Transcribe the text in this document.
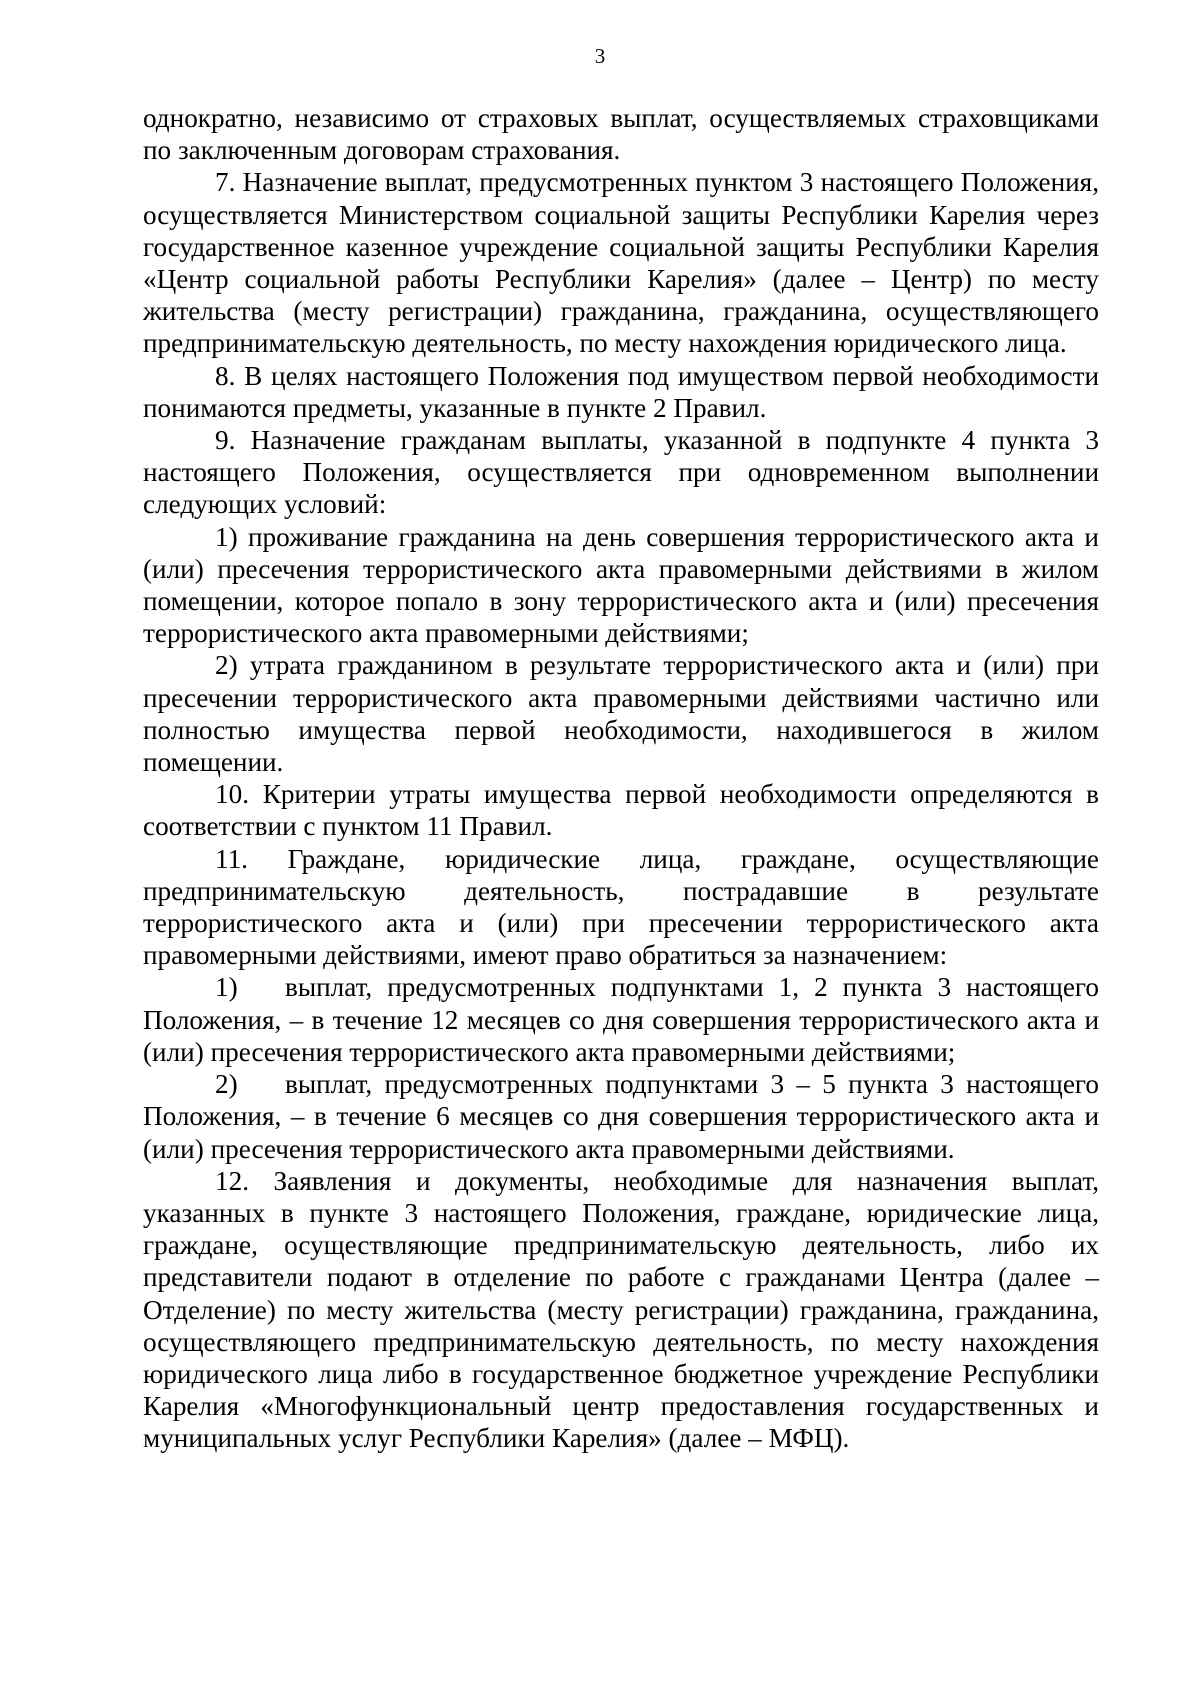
3

однократно, независимо от страховых выплат, осуществляемых страховщиками по заключенным договорам страхования.

7. Назначение выплат, предусмотренных пунктом 3 настоящего Положения, осуществляется Министерством социальной защиты Республики Карелия через государственное казенное учреждение социальной защиты Республики Карелия «Центр социальной работы Республики Карелия» (далее – Центр) по месту жительства (месту регистрации) гражданина, гражданина, осуществляющего предпринимательскую деятельность, по месту нахождения юридического лица.

8. В целях настоящего Положения под имуществом первой необходимости понимаются предметы, указанные в пункте 2 Правил.

9. Назначение гражданам выплаты, указанной в подпункте 4 пункта 3 настоящего Положения, осуществляется при одновременном выполнении следующих условий:

1) проживание гражданина на день совершения террористического акта и (или) пресечения террористического акта правомерными действиями в жилом помещении, которое попало в зону террористического акта и (или) пресечения террористического акта правомерными действиями;

2) утрата гражданином в результате террористического акта и (или) при пресечении террористического акта правомерными действиями частично или полностью имущества первой необходимости, находившегося в жилом помещении.

10. Критерии утраты имущества первой необходимости определяются в соответствии с пунктом 11 Правил.

11. Граждане, юридические лица, граждане, осуществляющие предпринимательскую деятельность, пострадавшие в результате террористического акта и (или) при пресечении террористического акта правомерными действиями, имеют право обратиться за назначением:

1) выплат, предусмотренных подпунктами 1, 2 пункта 3 настоящего Положения, – в течение 12 месяцев со дня совершения террористического акта и (или) пресечения террористического акта правомерными действиями;

2) выплат, предусмотренных подпунктами 3 – 5 пункта 3 настоящего Положения, – в течение 6 месяцев со дня совершения террористического акта и (или) пресечения террористического акта правомерными действиями.

12. Заявления и документы, необходимые для назначения выплат, указанных в пункте 3 настоящего Положения, граждане, юридические лица, граждане, осуществляющие предпринимательскую деятельность, либо их представители подают в отделение по работе с гражданами Центра (далее – Отделение) по месту жительства (месту регистрации) гражданина, гражданина, осуществляющего предпринимательскую деятельность, по месту нахождения юридического лица либо в государственное бюджетное учреждение Республики Карелия «Многофункциональный центр предоставления государственных и муниципальных услуг Республики Карелия» (далее – МФЦ).
